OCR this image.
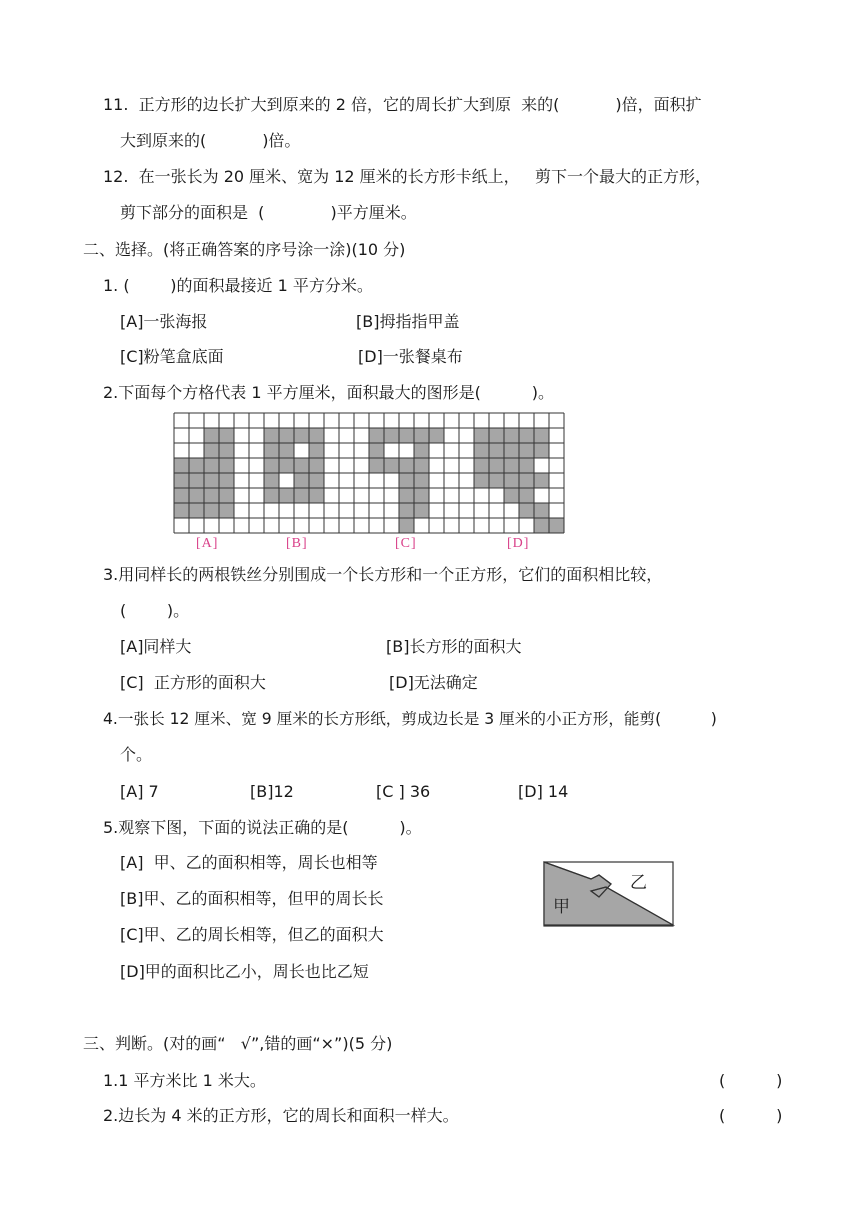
11.  正方形的边长扩大到原来的 2 倍，它的周长扩大到原  来的(           )倍，面积扩
大到原来的(           )倍。
12.  在一张长为 20 厘米、宽为 12 厘米的长方形卡纸上，   剪下一个最大的正方形，
剪下部分的面积是  (             )平方厘米。
二、选择。(将正确答案的序号涂一涂)(10 分)
1. (        )的面积最接近 1 平方分米。
[A]一张海报	[B]拇指指甲盖
[C]粉笔盒底面	[D]一张餐桌布
2.下面每个方格代表 1 平方厘米，面积最大的图形是(          )。
[A]	[B]	[C]	[D]
3.用同样长的两根铁丝分别围成一个长方形和一个正方形，它们的面积相比较，
(        )。
[A]同样大	[B]长方形的面积大
[C]  正方形的面积大	[D]无法确定
4.一张长 12 厘米、宽 9 厘米的长方形纸，剪成边长是 3 厘米的小正方形，能剪(          )
个。
[A] 7	[B]12	[C ] 36	[D] 14
5.观察下图，下面的说法正确的是(          )。
[A]  甲、乙的面积相等，周长也相等
[B]甲、乙的面积相等，但甲的周长长
[C]甲、乙的周长相等，但乙的面积大
[D]甲的面积比乙小，周长也比乙短
甲
乙
三、判断。(对的画“   √”,错的画“×”)(5 分)
1.1 平方米比 1 米大。	(          )
2.边长为 4 米的正方形，它的周长和面积一样大。	(          )
